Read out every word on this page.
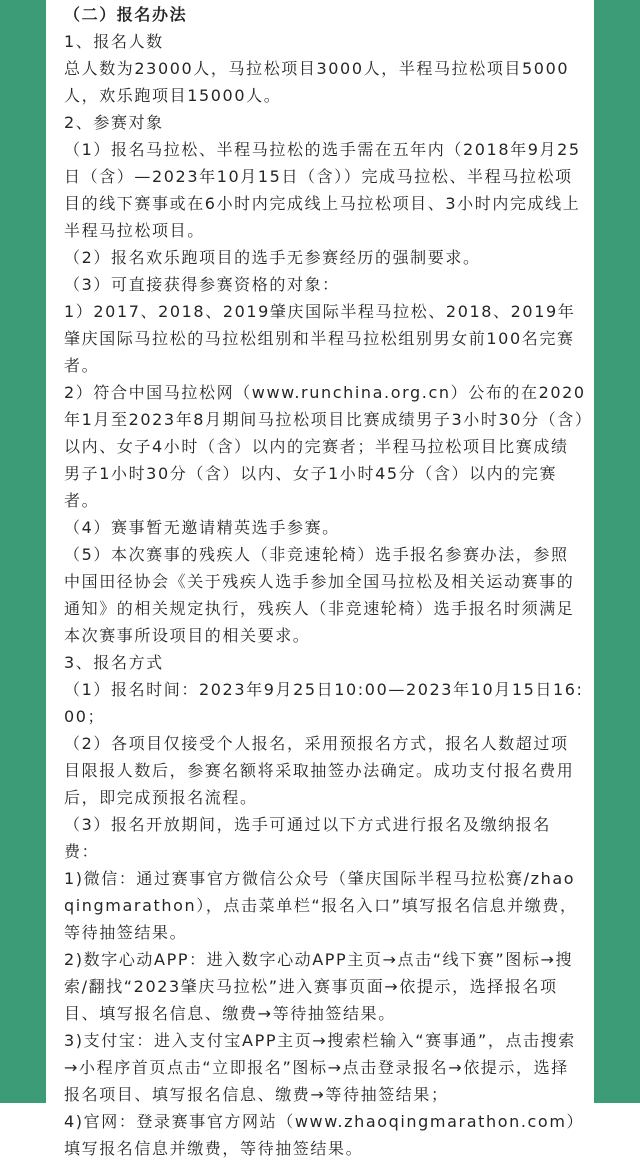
（二）报名办法

1、报名人数

总人数为23000人，马拉松项目3000人，半程马拉松项目5000人，欢乐跑项目15000人。

2、参赛对象

（1）报名马拉松、半程马拉松的选手需在五年内（2018年9月25日（含）—2023年10月15日（含））完成马拉松、半程马拉松项目的线下赛事或在6小时内完成线上马拉松项目、3小时内完成线上半程马拉松项目。

（2）报名欢乐跑项目的选手无参赛经历的强制要求。

（3）可直接获得参赛资格的对象：

1）2017、2018、2019肇庆国际半程马拉松、2018、2019年肇庆国际马拉松的马拉松组别和半程马拉松组别男女前100名完赛者。

2）符合中国马拉松网（www.runchina.org.cn）公布的在2020年1月至2023年8月期间马拉松项目比赛成绩男子3小时30分（含）以内、女子4小时（含）以内的完赛者；半程马拉松项目比赛成绩男子1小时30分（含）以内、女子1小时45分（含）以内的完赛者。

（4）赛事暂无邀请精英选手参赛。

（5）本次赛事的残疾人（非竞速轮椅）选手报名参赛办法，参照中国田径协会《关于残疾人选手参加全国马拉松及相关运动赛事的通知》的相关规定执行，残疾人（非竞速轮椅）选手报名时须满足本次赛事所设项目的相关要求。

3、报名方式

（1）报名时间：2023年9月25日10:00—2023年10月15日16:00；

（2）各项目仅接受个人报名，采用预报名方式，报名人数超过项目限报人数后，参赛名额将采取抽签办法确定。成功支付报名费用后，即完成预报名流程。

（3）报名开放期间，选手可通过以下方式进行报名及缴纳报名费：

1)微信：通过赛事官方微信公众号（肇庆国际半程马拉松赛/zhaoqingmarathon），点击菜单栏“报名入口”填写报名信息并缴费，等待抽签结果。

2)数字心动APP：进入数字心动APP主页→点击“线下赛”图标→搜索/翻找“2023肇庆马拉松”进入赛事页面→依提示，选择报名项目、填写报名信息、缴费→等待抽签结果。

3)支付宝：进入支付宝APP主页→搜索栏输入“赛事通”，点击搜索→小程序首页点击“立即报名”图标→点击登录报名→依提示，选择报名项目、填写报名信息、缴费→等待抽签结果；

4)官网：登录赛事官方网站（www.zhaoqingmarathon.com）填写报名信息并缴费，等待抽签结果。
